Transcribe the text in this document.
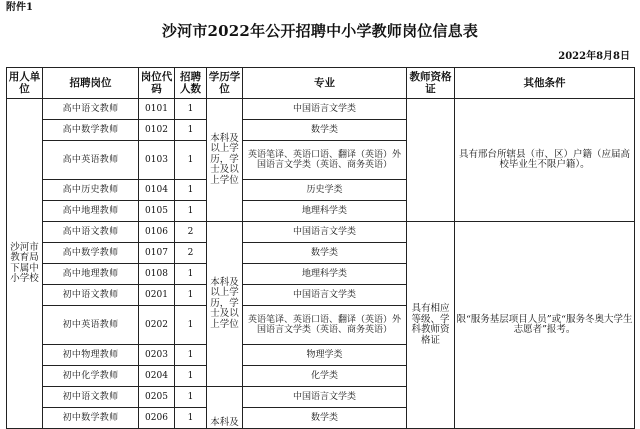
附件1
沙河市2022年公开招聘中小学教师岗位信息表
2022年8月8日
用人单位	招聘岗位	岗位代码	招聘人数	学历学位	专业	教师资格证	其他条件
沙河市教育局下属中小学校	高中语文教师	0101	1	本科及以上学历，学士及以上学位	中国语言文学类		具有邢台所辖县（市、区）户籍（应届高校毕业生不限户籍）。
	高中数学教师	0102	1		数学类		
	高中英语教师	0103	1		英语笔译、英语口语、翻译（英语）外国语言文学类（英语、商务英语）		
	高中历史教师	0104	1		历史学类		
	高中地理教师	0105	1		地理科学类		
	高中语文教师	0106	2	本科及以上学历，学士及以上学位	中国语言文学类	具有相应等级、学科教师资格证	限“服务基层项目人员”或“服务冬奥大学生志愿者”报考。
	高中数学教师	0107	2		数学类		
	高中地理教师	0108	1		地理科学类		
	初中语文教师	0201	1		中国语言文学类		
	初中英语教师	0202	1		英语笔译、英语口语、翻译（英语）外国语言文学类（英语、商务英语）		
	初中物理教师	0203	1		物理学类		
	初中化学教师	0204	1		化学类		
	初中语文教师	0205	1	本科及	中国语言文学类		
	初中数学教师	0206	1		数学类		
